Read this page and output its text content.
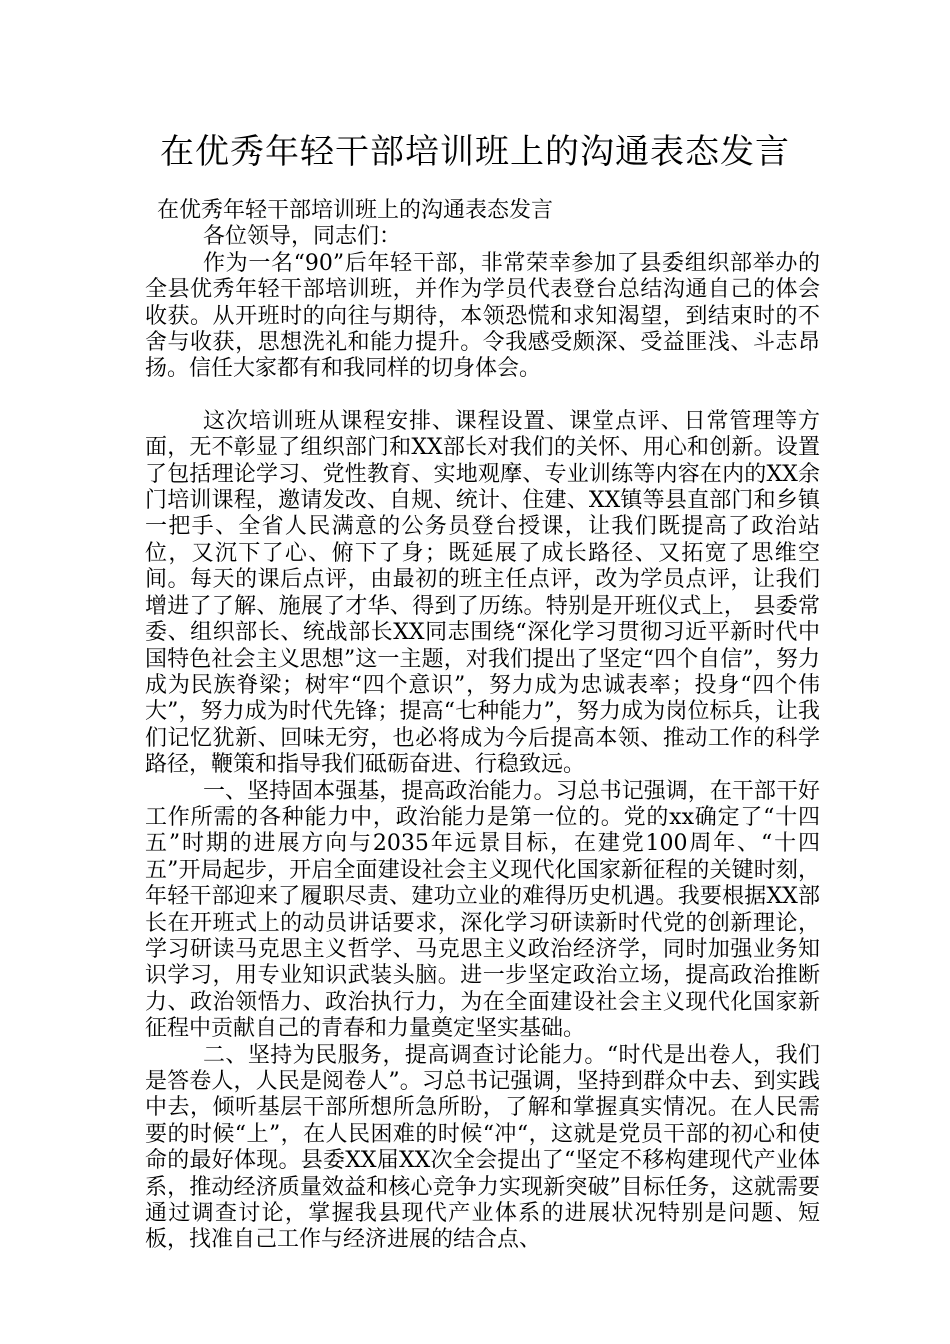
在优秀年轻干部培训班上的沟通表态发言

在优秀年轻干部培训班上的沟通表态发言

各位领导，同志们：

作为一名“90”后年轻干部，非常荣幸参加了县委组织部举办的全县优秀年轻干部培训班，并作为学员代表登台总结沟通自己的体会收获。从开班时的向往与期待，本领恐慌和求知渴望，到结束时的不舍与收获，思想洗礼和能力提升。令我感受颇深、受益匪浅、斗志昂扬。信任大家都有和我同样的切身体会。

这次培训班从课程安排、课程设置、课堂点评、日常管理等方面，无不彰显了组织部门和XX部长对我们的关怀、用心和创新。设置了包括理论学习、党性教育、实地观摩、专业训练等内容在内的XX余门培训课程，邀请发改、自规、统计、住建、XX镇等县直部门和乡镇一把手、全省人民满意的公务员登台授课，让我们既提高了政治站位，又沉下了心、俯下了身；既延展了成长路径、又拓宽了思维空间。每天的课后点评，由最初的班主任点评，改为学员点评，让我们增进了了解、施展了才华、得到了历练。特别是开班仪式上， 县委常委、组织部长、统战部长XX同志围绕“深化学习贯彻习近平新时代中国特色社会主义思想”这一主题，对我们提出了坚定“四个自信”，努力成为民族脊梁；树牢“四个意识”，努力成为忠诚表率；投身“四个伟大”，努力成为时代先锋；提高“七种能力”，努力成为岗位标兵，让我们记忆犹新、回味无穷，也必将成为今后提高本领、推动工作的科学路径，鞭策和指导我们砥砺奋进、行稳致远。

一、坚持固本强基，提高政治能力。习总书记强调，在干部干好工作所需的各种能力中，政治能力是第一位的。党的xx确定了“十四五”时期的进展方向与2035年远景目标，在建党100周年、“十四五”开局起步，开启全面建设社会主义现代化国家新征程的关键时刻，年轻干部迎来了履职尽责、建功立业的难得历史机遇。我要根据XX部长在开班式上的动员讲话要求，深化学习研读新时代党的创新理论，学习研读马克思主义哲学、马克思主义政治经济学，同时加强业务知识学习，用专业知识武装头脑。进一步坚定政治立场，提高政治推断力、政治领悟力、政治执行力，为在全面建设社会主义现代化国家新征程中贡献自己的青春和力量奠定坚实基础。

二、坚持为民服务，提高调查讨论能力。“时代是出卷人，我们是答卷人，人民是阅卷人”。习总书记强调，坚持到群众中去、到实践中去，倾听基层干部所想所急所盼，了解和掌握真实情况。在人民需要的时候“上”，在人民困难的时候“冲“，这就是党员干部的初心和使命的最好体现。县委XX届XX次全会提出了“坚定不移构建现代产业体系，推动经济质量效益和核心竞争力实现新突破”目标任务，这就需要通过调查讨论，掌握我县现代产业体系的进展状况特别是问题、短板，找准自己工作与经济进展的结合点、
